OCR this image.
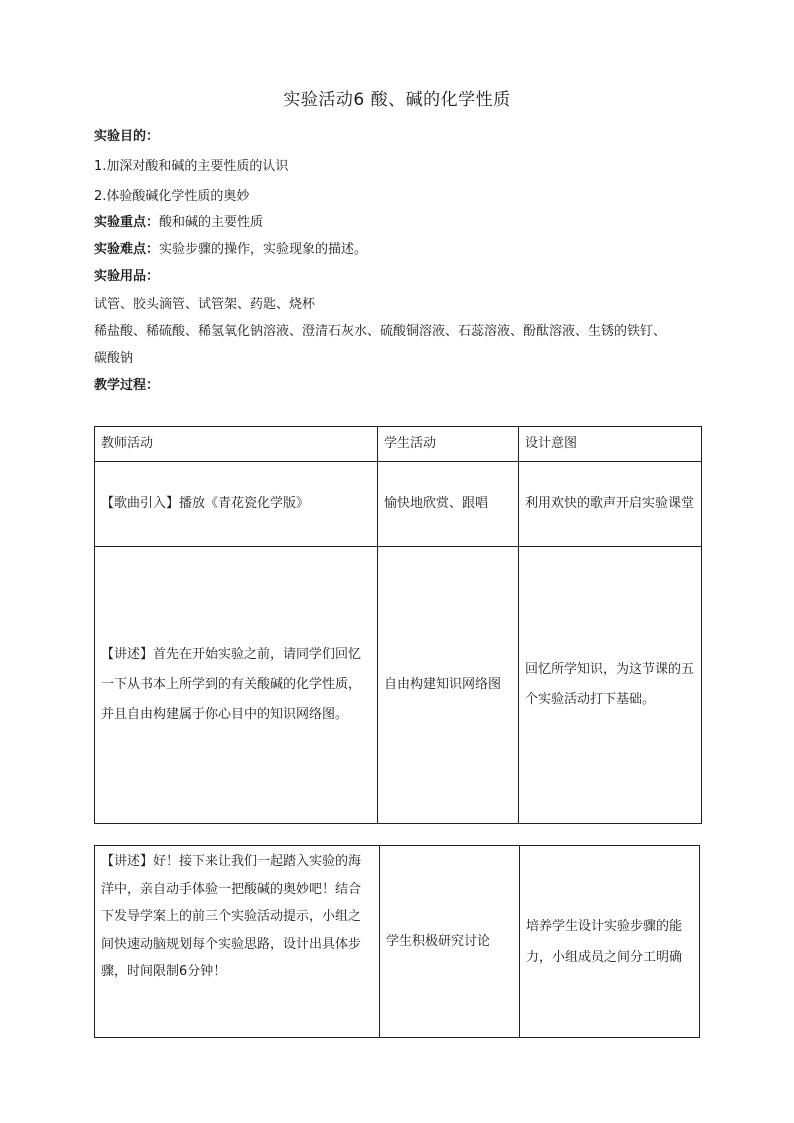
实验活动6 酸、碱的化学性质
实验目的：
1.加深对酸和碱的主要性质的认识
2.体验酸碱化学性质的奥妙
实验重点：酸和碱的主要性质
实验难点：实验步骤的操作，实验现象的描述。
实验用品：
试管、胶头滴管、试管架、药匙、烧杯
稀盐酸、稀硫酸、稀氢氧化钠溶液、澄清石灰水、硫酸铜溶液、石蕊溶液、酚酞溶液、生锈的铁钉、
碳酸钠
教学过程：
教师活动	学生活动	设计意图
【歌曲引入】播放《青花瓷化学版》	愉快地欣赏、跟唱	利用欢快的歌声开启实验课堂
【讲述】首先在开始实验之前，请同学们回忆一下从书本上所学到的有关酸碱的化学性质，并且自由构建属于你心目中的知识网络图。	自由构建知识网络图	回忆所学知识，为这节课的五个实验活动打下基础。
【讲述】好！接下来让我们一起踏入实验的海洋中，亲自动手体验一把酸碱的奥妙吧！结合下发导学案上的前三个实验活动提示，小组之间快速动脑规划每个实验思路，设计出具体步骤，时间限制6分钟！	学生积极研究讨论	培养学生设计实验步骤的能力，小组成员之间分工明确
